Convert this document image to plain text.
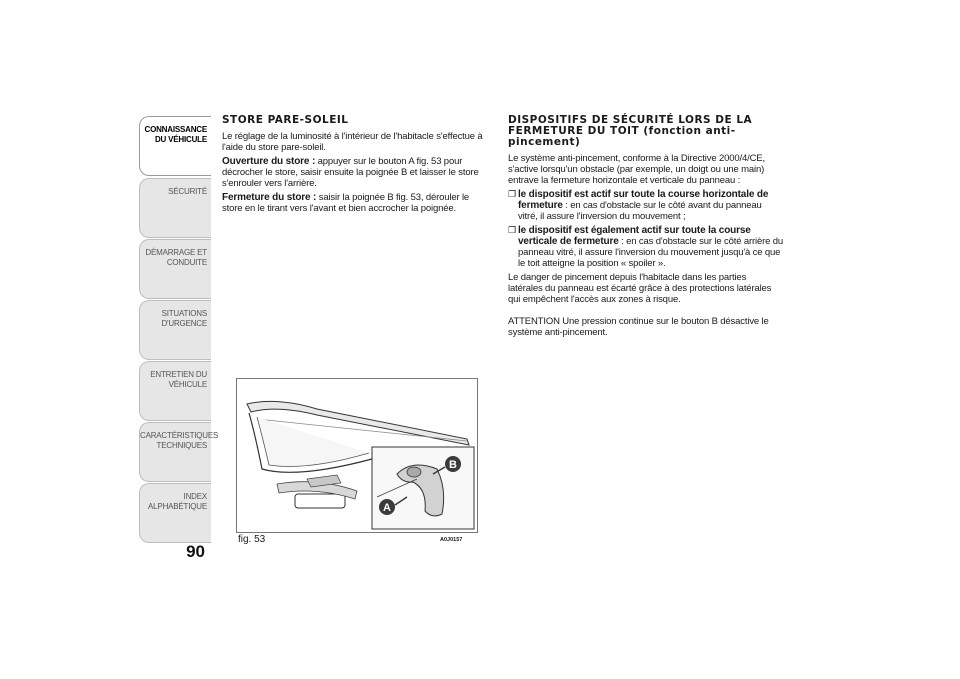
CONNAISSANCE
DU VÉHICULE
SÉCURITÉ
DÉMARRAGE ET
CONDUITE
SITUATIONS
D'URGENCE
ENTRETIEN DU
VÉHICULE
CARACTÉRISTIQUES
TECHNIQUES
INDEX
ALPHABÉTIQUE
90
STORE PARE-SOLEIL

Le réglage de la luminosité à l'intérieur de l'habitacle s'effectue à l'aide du store pare-soleil.

Ouverture du store : appuyer sur le bouton A fig. 53 pour décrocher le store, saisir ensuite la poignée B et laisser le store s'enrouler vers l'arrière.

Fermeture du store : saisir la poignée B fig. 53, dérouler le store en le tirant vers l'avant et bien accrocher la poignée.

B
A
fig. 53	A0J0157
DISPOSITIFS DE SÉCURITÉ LORS DE LA FERMETURE DU TOIT (fonction anti-pincement)

Le système anti-pincement, conforme à la Directive 2000/4/CE, s'active lorsqu'un obstacle (par exemple, un doigt ou une main) entrave la fermeture horizontale et verticale du panneau :

❐ le dispositif est actif sur toute la course horizontale de fermeture : en cas d'obstacle sur le côté avant du panneau vitré, il assure l'inversion du mouvement ;
❐ le dispositif est également actif sur toute la course verticale de fermeture : en cas d'obstacle sur le côté arrière du panneau vitré, il assure l'inversion du mouvement jusqu'à ce que le toit atteigne la position « spoiler ».

Le danger de pincement depuis l'habitacle dans les parties latérales du panneau est écarté grâce à des protections latérales qui empêchent l'accès aux zones à risque.

ATTENTION Une pression continue sur le bouton B désactive le système anti-pincement.
